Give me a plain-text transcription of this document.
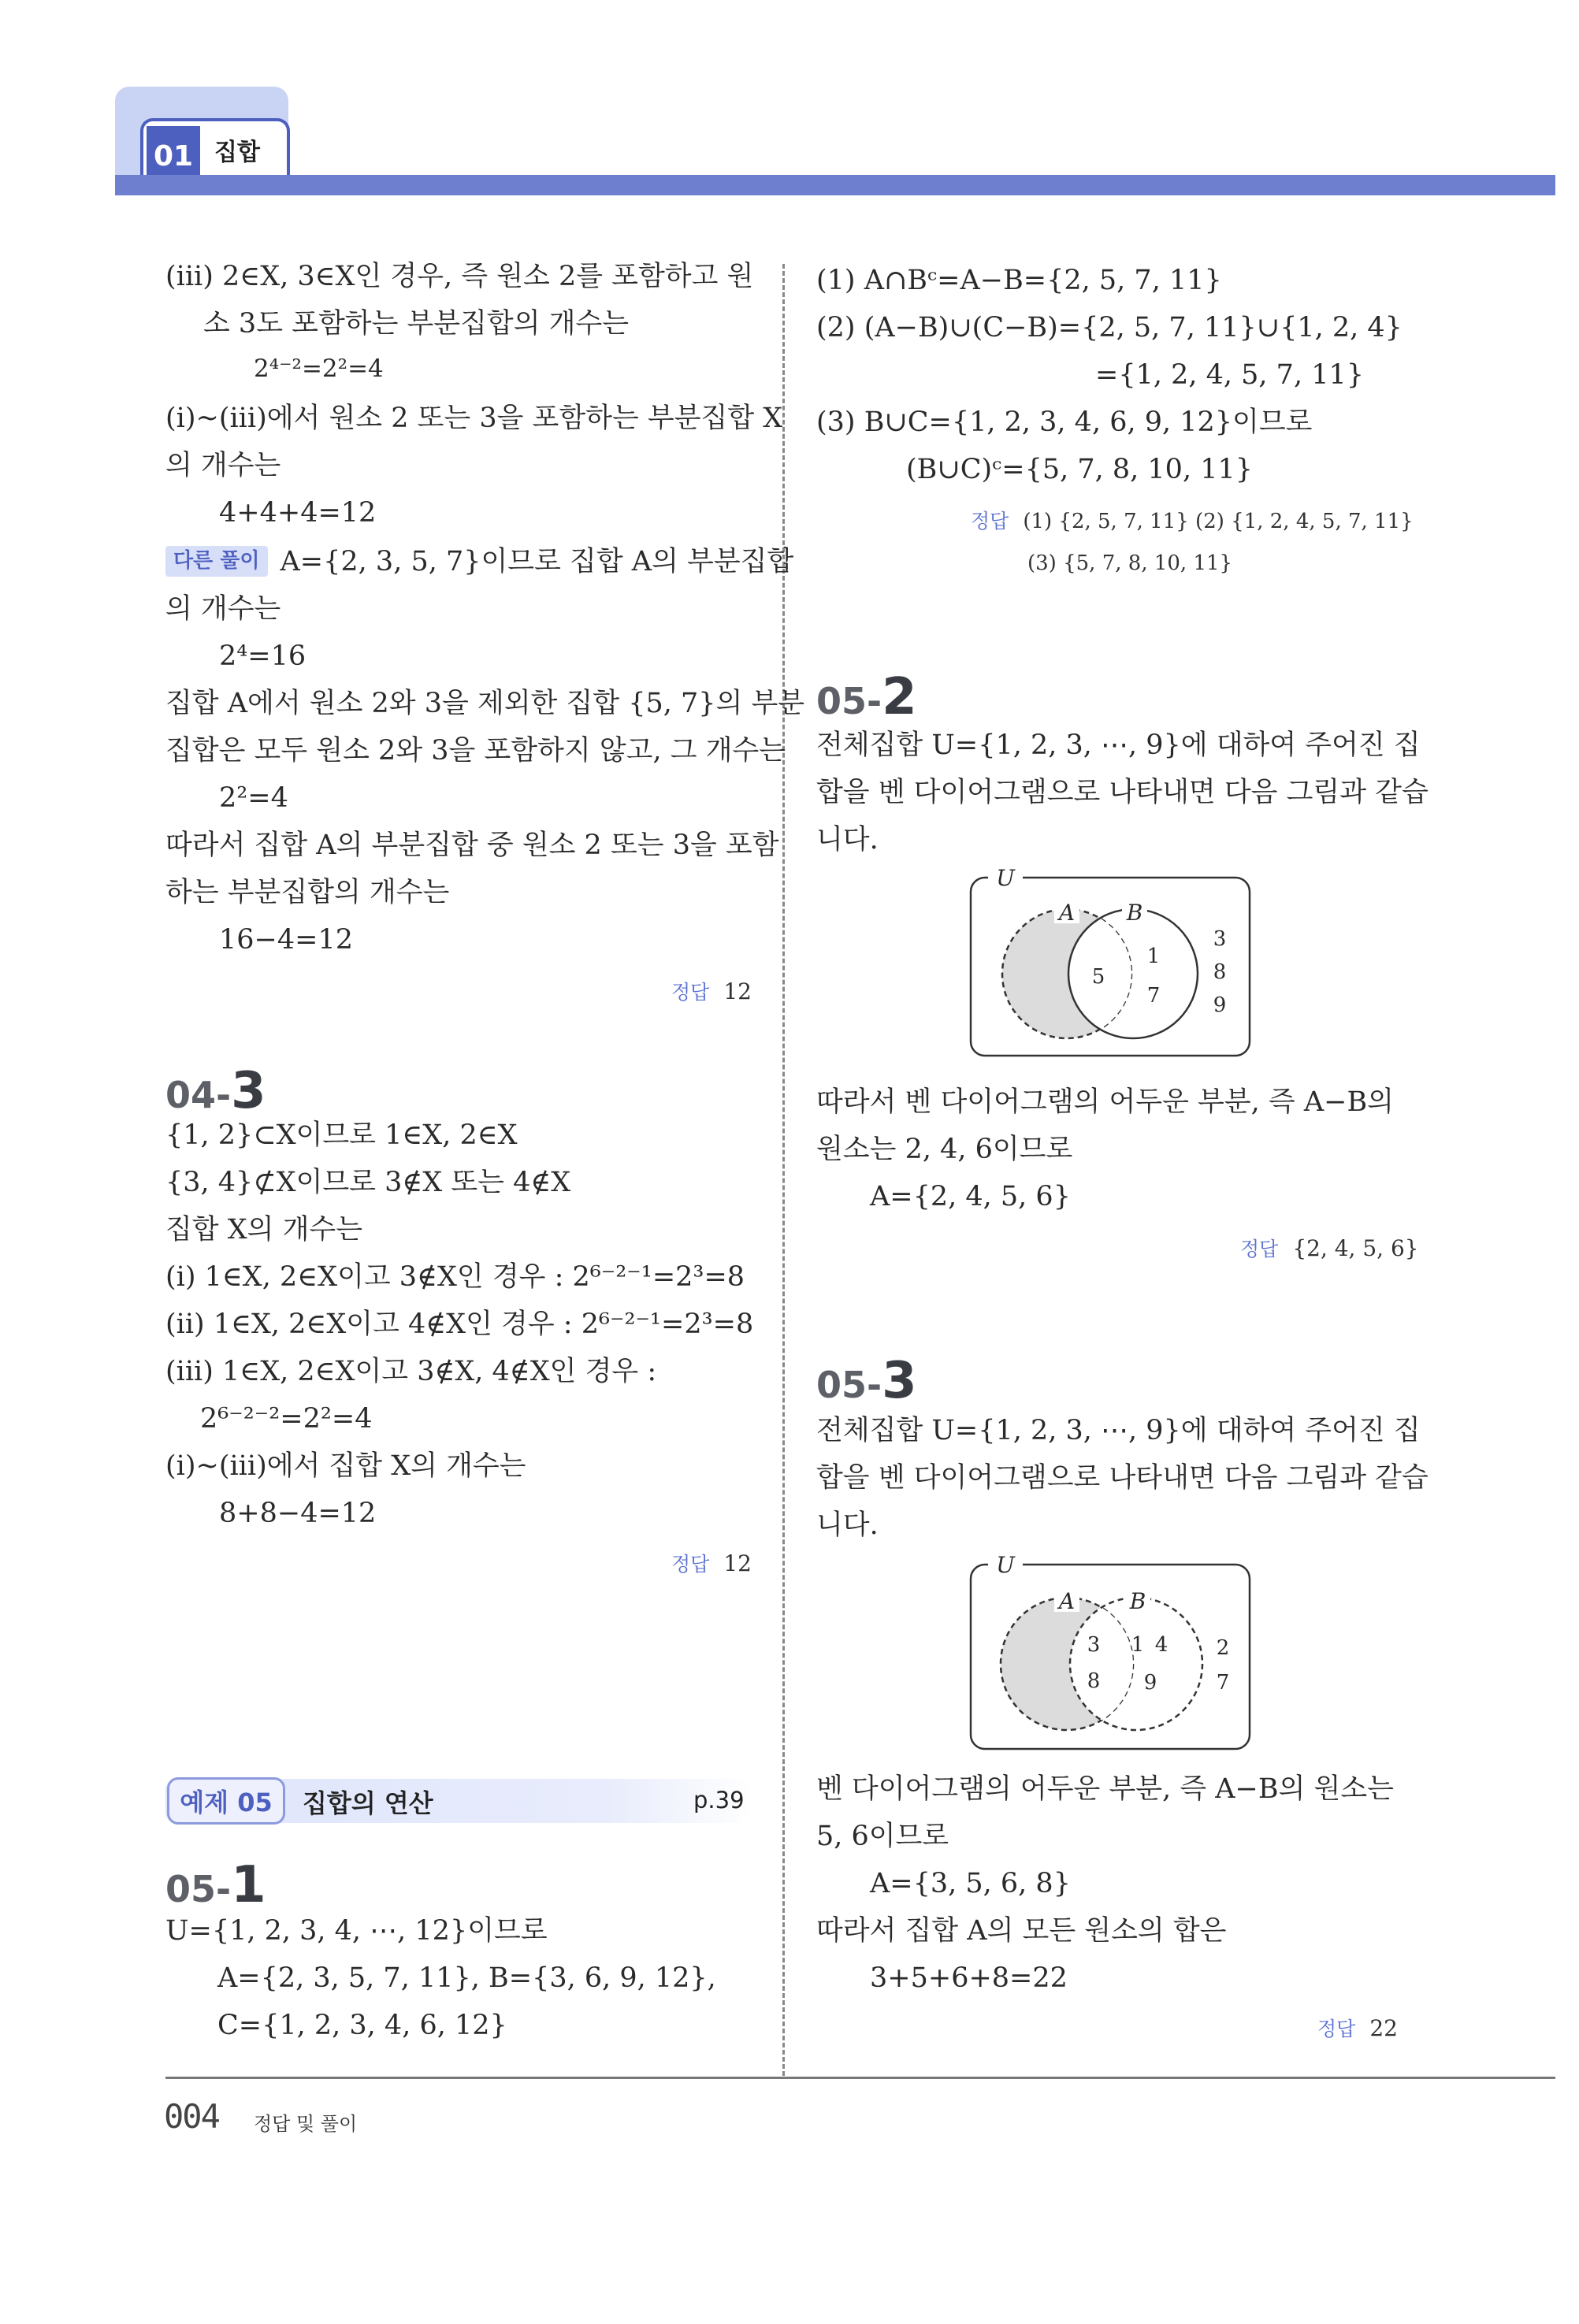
01 집합
(iii) 2∈X, 3∈X인 경우, 즉 원소 2를 포함하고 원
소 3도 포함하는 부분집합의 개수는
2⁴⁻²=2²=4
(i)~(iii)에서 원소 2 또는 3을 포함하는 부분집합 X
의 개수는
4+4+4=12
다른 풀이 A={2, 3, 5, 7}이므로 집합 A의 부분집합
의 개수는
2⁴=16
집합 A에서 원소 2와 3을 제외한 집합 {5, 7}의 부분
집합은 모두 원소 2와 3을 포함하지 않고, 그 개수는
2²=4
따라서 집합 A의 부분집합 중 원소 2 또는 3을 포함
하는 부분집합의 개수는
16−4=12
정답 12
04-3
{1, 2}⊂X이므로 1∈X, 2∈X
{3, 4}⊄X이므로 3∉X 또는 4∉X
집합 X의 개수는
(i) 1∈X, 2∈X이고 3∉X인 경우 : 2⁶⁻²⁻¹=2³=8
(ii) 1∈X, 2∈X이고 4∉X인 경우 : 2⁶⁻²⁻¹=2³=8
(iii) 1∈X, 2∈X이고 3∉X, 4∉X인 경우 :
2⁶⁻²⁻²=2²=4
(i)~(iii)에서 집합 X의 개수는
8+8−4=12
정답 12
예제 05	집합의 연산	p.39
05-1
U={1, 2, 3, 4, ⋯, 12}이므로
A={2, 3, 5, 7, 11}, B={3, 6, 9, 12},
C={1, 2, 3, 4, 6, 12}
(1) A∩Bᶜ=A−B={2, 5, 7, 11}
(2) (A−B)∪(C−B)={2, 5, 7, 11}∪{1, 2, 4}
={1, 2, 4, 5, 7, 11}
(3) B∪C={1, 2, 3, 4, 6, 9, 12}이므로
(B∪C)ᶜ={5, 7, 8, 10, 11}
정답 (1) {2, 5, 7, 11} (2) {1, 2, 4, 5, 7, 11}
(3) {5, 7, 8, 10, 11}
05-2
전체집합 U={1, 2, 3, ⋯, 9}에 대하여 주어진 집
합을 벤 다이어그램으로 나타내면 다음 그림과 같습
니다.
U
A B
5
1
7
3
8
9
따라서 벤 다이어그램의 어두운 부분, 즉 A−B의
원소는 2, 4, 6이므로
A={2, 4, 5, 6}
정답 {2, 4, 5, 6}
05-3
전체집합 U={1, 2, 3, ⋯, 9}에 대하여 주어진 집
합을 벤 다이어그램으로 나타내면 다음 그림과 같습
니다.
U
A B
3
8
1 4
9
2
7
벤 다이어그램의 어두운 부분, 즉 A−B의 원소는
5, 6이므로
A={3, 5, 6, 8}
따라서 집합 A의 모든 원소의 합은
3+5+6+8=22
정답 22
004 정답 및 풀이
